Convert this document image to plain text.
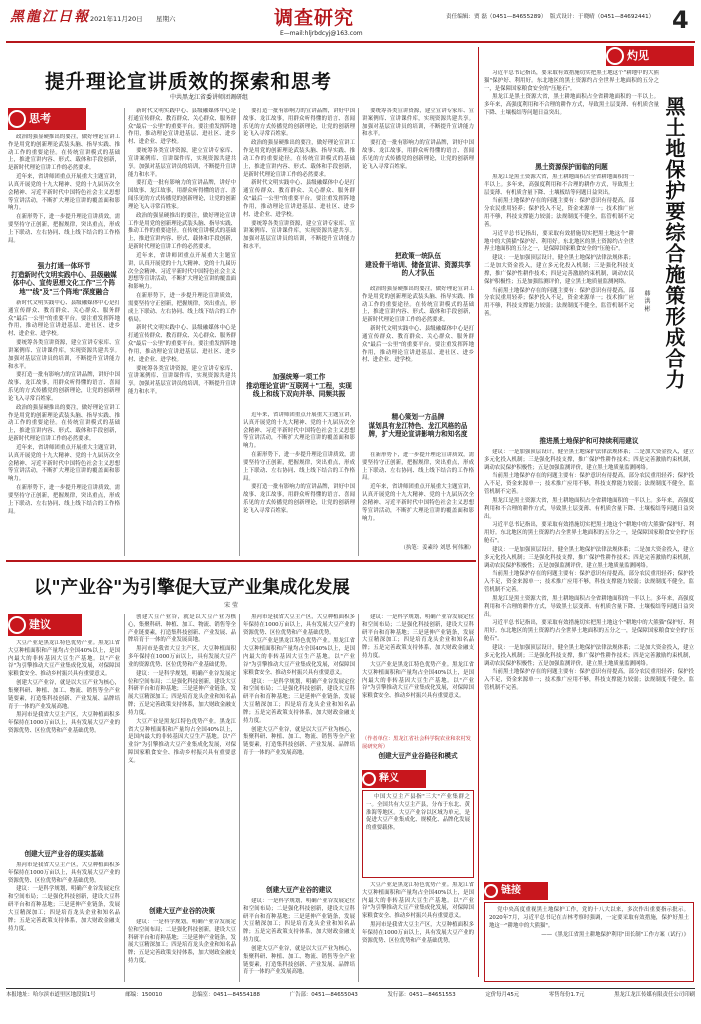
黑龍江日報 2021年11月20日 星期六	调查研究
E—mail:hljrbdcyj@163.com
责任编辑：贾 磊（0451—84655289） 版式设计：于晓晴（0451—84692441） 4
提升理论宣讲质效的探索和思考
中共黑龙江省委讲师团调研组
思考

政治的强显硬推出的要注，做好理论宣讲工作是用党的创新理论武装头脑、指导实践、推动工作的重要途径。在传统宣讲模式的基础上，推进宣讲内容、形式、载体和手段创新，是新时代理论宣讲工作的必然要求。

近年来，省讲师团重点开展重大主题宣讲，认真开展党的十九大精神、党的十九届历次全会精神、习近平新时代中国特色社会主义思想等宣讲活动，不断扩大理论宣讲的覆盖面和影响力。

在新形势下，进一步提升理论宣讲质效，需要坚持守正创新，把握规律，突出重点，形成上下联动、左右协同、线上线下结合的工作格局。

强力打通一体环节
打造新时代文明实践中心、县级融媒体中心、宣传思想文化工作"三个阵地""线"及"三个阵地"深度融合

新时代文明实践中心、县级融媒体中心是打通宣传群众、教育群众、关心群众、服务群众"最后一公里"的重要平台。要注重发挥阵地作用，推动理论宣讲进基层、进社区、进乡村、进企业、进学校。

要统筹各类宣讲资源，建立宣讲专家库、宣讲案例库、宣讲课件库，实现资源共建共享。加强对基层宣讲员的培训，不断提升宣讲能力和水平。

要打造一批有影响力的宣讲品牌，讲好中国故事、龙江故事，用群众听得懂的语言、喜闻乐见的方式传播党的创新理论，让党的创新理论飞入寻常百姓家。

政治的强显硬推出的要注，做好理论宣讲工作是用党的创新理论武装头脑、指导实践、推动工作的重要途径。在传统宣讲模式的基础上，推进宣讲内容、形式、载体和手段创新，是新时代理论宣讲工作的必然要求。

近年来，省讲师团重点开展重大主题宣讲，认真开展党的十九大精神、党的十九届历次全会精神、习近平新时代中国特色社会主义思想等宣讲活动，不断扩大理论宣讲的覆盖面和影响力。

在新形势下，进一步提升理论宣讲质效，需要坚持守正创新，把握规律，突出重点，形成上下联动、左右协同、线上线下结合的工作格局。

新时代文明实践中心、县级融媒体中心是打通宣传群众、教育群众、关心群众、服务群众"最后一公里"的重要平台。要注重发挥阵地作用，推动理论宣讲进基层、进社区、进乡村、进企业、进学校。

要统筹各类宣讲资源，建立宣讲专家库、宣讲案例库、宣讲课件库，实现资源共建共享。加强对基层宣讲员的培训，不断提升宣讲能力和水平。

要打造一批有影响力的宣讲品牌，讲好中国故事、龙江故事，用群众听得懂的语言、喜闻乐见的方式传播党的创新理论，让党的创新理论飞入寻常百姓家。

政治的强显硬推出的要注，做好理论宣讲工作是用党的创新理论武装头脑、指导实践、推动工作的重要途径。在传统宣讲模式的基础上，推进宣讲内容、形式、载体和手段创新，是新时代理论宣讲工作的必然要求。

近年来，省讲师团重点开展重大主题宣讲，认真开展党的十九大精神、党的十九届历次全会精神、习近平新时代中国特色社会主义思想等宣讲活动，不断扩大理论宣讲的覆盖面和影响力。

在新形势下，进一步提升理论宣讲质效，需要坚持守正创新，把握规律，突出重点，形成上下联动、左右协同、线上线下结合的工作格局。

新时代文明实践中心、县级融媒体中心是打通宣传群众、教育群众、关心群众、服务群众"最后一公里"的重要平台。要注重发挥阵地作用，推动理论宣讲进基层、进社区、进乡村、进企业、进学校。

要统筹各类宣讲资源，建立宣讲专家库、宣讲案例库、宣讲课件库，实现资源共建共享。加强对基层宣讲员的培训，不断提升宣讲能力和水平。

要打造一批有影响力的宣讲品牌，讲好中国故事、龙江故事，用群众听得懂的语言、喜闻乐见的方式传播党的创新理论，让党的创新理论飞入寻常百姓家。

政治的强显硬推出的要注，做好理论宣讲工作是用党的创新理论武装头脑、指导实践、推动工作的重要途径。在传统宣讲模式的基础上，推进宣讲内容、形式、载体和手段创新，是新时代理论宣讲工作的必然要求。

新时代文明实践中心、县级融媒体中心是打通宣传群众、教育群众、关心群众、服务群众"最后一公里"的重要平台。要注重发挥阵地作用，推动理论宣讲进基层、进社区、进乡村、进企业、进学校。

要统筹各类宣讲资源，建立宣讲专家库、宣讲案例库、宣讲课件库，实现资源共建共享。加强对基层宣讲员的培训，不断提升宣讲能力和水平。

加强统筹一项工作
推动理论宣讲"互联网＋"工程，实现线上和线下双向并举、同频共振

近年来，省讲师团重点开展重大主题宣讲，认真开展党的十九大精神、党的十九届历次全会精神、习近平新时代中国特色社会主义思想等宣讲活动，不断扩大理论宣讲的覆盖面和影响力。

在新形势下，进一步提升理论宣讲质效，需要坚持守正创新，把握规律，突出重点，形成上下联动、左右协同、线上线下结合的工作格局。

要打造一批有影响力的宣讲品牌，讲好中国故事、龙江故事，用群众听得懂的语言、喜闻乐见的方式传播党的创新理论，让党的创新理论飞入寻常百姓家。

要统筹各类宣讲资源，建立宣讲专家库、宣讲案例库、宣讲课件库，实现资源共建共享。加强对基层宣讲员的培训，不断提升宣讲能力和水平。

要打造一批有影响力的宣讲品牌，讲好中国故事、龙江故事，用群众听得懂的语言、喜闻乐见的方式传播党的创新理论，让党的创新理论飞入寻常百姓家。

把政策一统队伍
建设骨干培训、储备宣讲、资源共享的人才队伍

政治的强显硬推出的要注，做好理论宣讲工作是用党的创新理论武装头脑、指导实践、推动工作的重要途径。在传统宣讲模式的基础上，推进宣讲内容、形式、载体和手段创新，是新时代理论宣讲工作的必然要求。

新时代文明实践中心、县级融媒体中心是打通宣传群众、教育群众、关心群众、服务群众"最后一公里"的重要平台。要注重发挥阵地作用，推动理论宣讲进基层、进社区、进乡村、进企业、进学校。

精心策划一方品牌
谋划具有龙江特色、龙江风格的品牌，扩大理论宣讲影响力和知名度

在新形势下，进一步提升理论宣讲质效，需要坚持守正创新，把握规律，突出重点，形成上下联动、左右协同、线上线下结合的工作格局。

近年来，省讲师团重点开展重大主题宣讲，认真开展党的十九大精神、党的十九届历次全会精神、习近平新时代中国特色社会主义思想等宣讲活动，不断扩大理论宣讲的覆盖面和影响力。

（执笔：姜素玲 刘思 何伟湘）
灼见

习近平总书记指出，要采取有效措施切实把黑土地这个"耕地中的大熊猫"保护好、利用好。东北地区的黑土资源约占全世界土地面积的五分之一，是保障国家粮食安全的"压舱石"。

黑龙江是黑土资源大省，黑土耕地面积占全省耕地面积的一半以上。多年来，高强度利用和不合理的耕作方式，导致黑土层变薄、有机质含量下降、土壤板结等问题日益突出。	黑土地保护要综合施策形成合力
黑土资源保护面临的问题

黑龙江是黑土资源大省，黑土耕地面积占全省耕地面积的一半以上。多年来，高强度利用和不合理的耕作方式，导致黑土层变薄、有机质含量下降、土壤板结等问题日益突出。

当前黑土地保护存在的问题主要有：保护意识有待提高，部分农民重用轻养；保护投入不足，资金来源单一；技术推广应用不够，科技支撑能力较弱；法规制度不健全，监管机制不完善。

习近平总书记指出，要采取有效措施切实把黑土地这个"耕地中的大熊猫"保护好、利用好。东北地区的黑土资源约占全世界土地面积的五分之一，是保障国家粮食安全的"压舱石"。

建议：一是加强顶层设计，健全黑土地保护法律法规体系；二是加大资金投入，建立多元化投入机制；三是强化科技支撑，推广保护性耕作技术；四是完善激励约束机制，调动农民保护积极性；五是加强监测评价，建立黑土地质量监测网络。

当前黑土地保护存在的问题主要有：保护意识有待提高，部分农民重用轻养；保护投入不足，资金来源单一；技术推广应用不够，科技支撑能力较弱；法规制度不健全，监管机制不完善。

韩 洪 彬
推进黑土地保护和可持续利用建议

建议：一是加强顶层设计，健全黑土地保护法律法规体系；二是加大资金投入，建立多元化投入机制；三是强化科技支撑，推广保护性耕作技术；四是完善激励约束机制，调动农民保护积极性；五是加强监测评价，建立黑土地质量监测网络。

当前黑土地保护存在的问题主要有：保护意识有待提高，部分农民重用轻养；保护投入不足，资金来源单一；技术推广应用不够，科技支撑能力较弱；法规制度不健全，监管机制不完善。

黑龙江是黑土资源大省，黑土耕地面积占全省耕地面积的一半以上。多年来，高强度利用和不合理的耕作方式，导致黑土层变薄、有机质含量下降、土壤板结等问题日益突出。

习近平总书记指出，要采取有效措施切实把黑土地这个"耕地中的大熊猫"保护好、利用好。东北地区的黑土资源约占全世界土地面积的五分之一，是保障国家粮食安全的"压舱石"。

建议：一是加强顶层设计，健全黑土地保护法律法规体系；二是加大资金投入，建立多元化投入机制；三是强化科技支撑，推广保护性耕作技术；四是完善激励约束机制，调动农民保护积极性；五是加强监测评价，建立黑土地质量监测网络。

当前黑土地保护存在的问题主要有：保护意识有待提高，部分农民重用轻养；保护投入不足，资金来源单一；技术推广应用不够，科技支撑能力较弱；法规制度不健全，监管机制不完善。

黑龙江是黑土资源大省，黑土耕地面积占全省耕地面积的一半以上。多年来，高强度利用和不合理的耕作方式，导致黑土层变薄、有机质含量下降、土壤板结等问题日益突出。

习近平总书记指出，要采取有效措施切实把黑土地这个"耕地中的大熊猫"保护好、利用好。东北地区的黑土资源约占全世界土地面积的五分之一，是保障国家粮食安全的"压舱石"。

建议：一是加强顶层设计，健全黑土地保护法律法规体系；二是加大资金投入，建立多元化投入机制；三是强化科技支撑，推广保护性耕作技术；四是完善激励约束机制，调动农民保护积极性；五是加强监测评价，建立黑土地质量监测网络。

当前黑土地保护存在的问题主要有：保护意识有待提高，部分农民重用轻养；保护投入不足，资金来源单一；技术推广应用不够，科技支撑能力较弱；法规制度不健全，监管机制不完善。

链接
党中央高度重视黑土地保护工作，党的十八大以来，多次作出重要指示批示。2020年7月，习近平总书记在吉林考察时强调，一定要采取有效措施，保护好黑土地这一"耕地中的大熊猫"。
——《黑龙江省黑土耕地保护利用"田长制"工作方案（试行）》
以"产业谷"为引擎促大豆产业集成化发展
宋 莹
建议

大豆产业是黑龙江特色优势产业。黑龙江省大豆种植面积和产量均占全国40%以上，是国内最大的非转基因大豆生产基地。以"产业谷"为引擎推动大豆产业集成化发展，对保障国家粮食安全、推动乡村振兴具有重要意义。

创建大豆产业谷，就是以大豆产业为核心，集聚科研、种植、加工、物流、销售等全产业链要素，打造集科技创新、产业发展、品牌培育于一体的产业发展高地。

黑河市是我省大豆主产区，大豆种植面积多年保持在1000万亩以上，具有发展大豆产业的资源优势、区位优势和产业基础优势。

创建大豆产业谷的现实基础

黑河市是我省大豆主产区，大豆种植面积多年保持在1000万亩以上，具有发展大豆产业的资源优势、区位优势和产业基础优势。

建议：一是科学规划，明确产业谷发展定位和空间布局；二是强化科技创新，建设大豆科研平台和育种基地；三是延伸产业链条，发展大豆精深加工；四是培育龙头企业和知名品牌；五是完善政策支持体系，加大财政金融支持力度。

创建大豆产业谷，就是以大豆产业为核心，集聚科研、种植、加工、物流、销售等全产业链要素，打造集科技创新、产业发展、品牌培育于一体的产业发展高地。

黑河市是我省大豆主产区，大豆种植面积多年保持在1000万亩以上，具有发展大豆产业的资源优势、区位优势和产业基础优势。

建议：一是科学规划，明确产业谷发展定位和空间布局；二是强化科技创新，建设大豆科研平台和育种基地；三是延伸产业链条，发展大豆精深加工；四是培育龙头企业和知名品牌；五是完善政策支持体系，加大财政金融支持力度。

大豆产业是黑龙江特色优势产业。黑龙江省大豆种植面积和产量均占全国40%以上，是国内最大的非转基因大豆生产基地。以"产业谷"为引擎推动大豆产业集成化发展，对保障国家粮食安全、推动乡村振兴具有重要意义。

创建大豆产业谷的决策

建议：一是科学规划，明确产业谷发展定位和空间布局；二是强化科技创新，建设大豆科研平台和育种基地；三是延伸产业链条，发展大豆精深加工；四是培育龙头企业和知名品牌；五是完善政策支持体系，加大财政金融支持力度。

黑河市是我省大豆主产区，大豆种植面积多年保持在1000万亩以上，具有发展大豆产业的资源优势、区位优势和产业基础优势。

大豆产业是黑龙江特色优势产业。黑龙江省大豆种植面积和产量均占全国40%以上，是国内最大的非转基因大豆生产基地。以"产业谷"为引擎推动大豆产业集成化发展，对保障国家粮食安全、推动乡村振兴具有重要意义。

建议：一是科学规划，明确产业谷发展定位和空间布局；二是强化科技创新，建设大豆科研平台和育种基地；三是延伸产业链条，发展大豆精深加工；四是培育龙头企业和知名品牌；五是完善政策支持体系，加大财政金融支持力度。

创建大豆产业谷，就是以大豆产业为核心，集聚科研、种植、加工、物流、销售等全产业链要素，打造集科技创新、产业发展、品牌培育于一体的产业发展高地。

创建大豆产业谷的建议

建议：一是科学规划，明确产业谷发展定位和空间布局；二是强化科技创新，建设大豆科研平台和育种基地；三是延伸产业链条，发展大豆精深加工；四是培育龙头企业和知名品牌；五是完善政策支持体系，加大财政金融支持力度。

创建大豆产业谷，就是以大豆产业为核心，集聚科研、种植、加工、物流、销售等全产业链要素，打造集科技创新、产业发展、品牌培育于一体的产业发展高地。

建议：一是科学规划，明确产业谷发展定位和空间布局；二是强化科技创新，建设大豆科研平台和育种基地；三是延伸产业链条，发展大豆精深加工；四是培育龙头企业和知名品牌；五是完善政策支持体系，加大财政金融支持力度。

大豆产业是黑龙江特色优势产业。黑龙江省大豆种植面积和产量均占全国40%以上，是国内最大的非转基因大豆生产基地。以"产业谷"为引擎推动大豆产业集成化发展，对保障国家粮食安全、推动乡村振兴具有重要意义。

（作者单位：黑龙江省社会科学院农业和农村发展研究所）
创建大豆产业谷路径和模式
释义
中国大豆主产县指"三大"产业集群之一。全国共有大豆主产县，分布于东北、黄淮海等地区。大豆产业谷以区域为单元，是促进大豆产业集成化、规模化、品牌化发展的重要载体。

大豆产业是黑龙江特色优势产业。黑龙江省大豆种植面积和产量均占全国40%以上，是国内最大的非转基因大豆生产基地。以"产业谷"为引擎推动大豆产业集成化发展，对保障国家粮食安全、推动乡村振兴具有重要意义。

黑河市是我省大豆主产区，大豆种植面积多年保持在1000万亩以上，具有发展大豆产业的资源优势、区位优势和产业基础优势。

本报地址：哈尔滨市道里区地段街1号	邮编：150010	总编室：0451—84554188	广告部：0451—84655043	发行部：0451—84651553	定价每月45元	零售每份1.7元	黑龙江龙江传媒有限责任公司印刷
